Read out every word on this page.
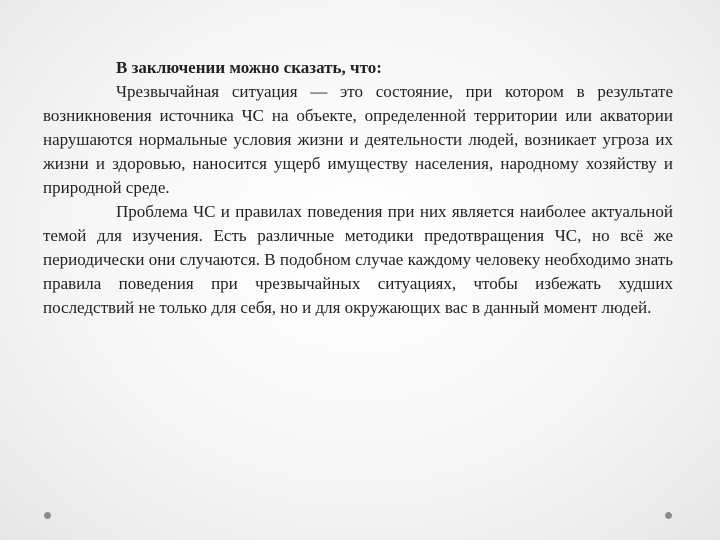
В заключении можно сказать, что:

Чрезвычайная ситуация — это состояние, при котором в результате возникновения источника ЧС на объекте, определенной территории или акватории нарушаются нормальные условия жизни и деятельности людей, возникает угроза их жизни и здоровью, наносится ущерб имуществу населения, народному хозяйству и природной среде.

Проблема ЧС и правилах поведения при них является наиболее актуальной темой для изучения. Есть различные методики предотвращения ЧС, но всё же периодически они случаются. В подобном случае каждому человеку необходимо знать правила поведения при чрезвычайных ситуациях, чтобы избежать худших последствий не только для себя, но и для окружающих вас в данный момент людей.
